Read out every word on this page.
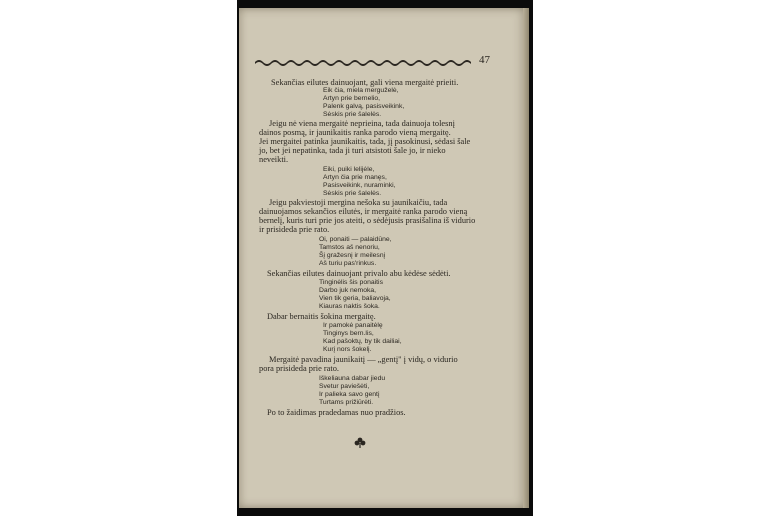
47
Sekančias eilutes dainuojant, gali viena mergaitė prieiti.
Eik čia, miela merguželė,
Artyn prie bernelio,
Palenk galvą, pasisveikink,
Sėskis prie šalelės.
Jeigu nė viena mergaitė neprieina, tada dainuoja tolesnį
dainos posmą, ir jaunikaitis ranka parodo vieną mergaitę.
Jei mergaitei patinka jaunikaitis, tada, jį pasokinusi, sėdasi šale
jo, bet jei nepatinka, tada ji turi atsistoti šale jo, ir nieko
neveikti.
Eiki, puiki lelijėle,
Artyn čia prie manęs,
Pasisveikink, nuraminki,
Sėskis prie šalelės.
Jeigu pakviestoji mergina nešoka su jaunikaičiu, tada
dainuojamos sekančios eilutės, ir mergaitė ranka parodo vieną
bernelį, kuris turi prie jos ateiti, o sėdėjusis prasišalina iš vidurio
ir prisideda prie rato.
Oi, ponaiti — palaidūne,
Tamstos aš nenoriu,
Šį gražesnį ir meilesnį
Aš turiu pas'rinkus.
Sekančias eilutes dainuojant privalo abu kėdėse sėdėti.
Tinginėlis šis ponaitis
Darbo juk nemoka,
Vien tik geria, baliavoja,
Kiauras naktis šoka.
Dabar bernaitis šokina mergaitę.
Ir pamokė panaitėlę
Tinginys bern.lis,
Kad pašoktų, by tik dailiai,
Kurį nors šokelį.
Mergaitė pavadina jaunikaitį — „gentį" į vidų, o vidurio
pora prisideda prie rato.
Iškeliauna dabar jiedu
Svetur paviešėti,
Ir palieka savo gentį
Turtams prižiūrėti.
Po to žaidimas pradedamas nuo pradžios.
